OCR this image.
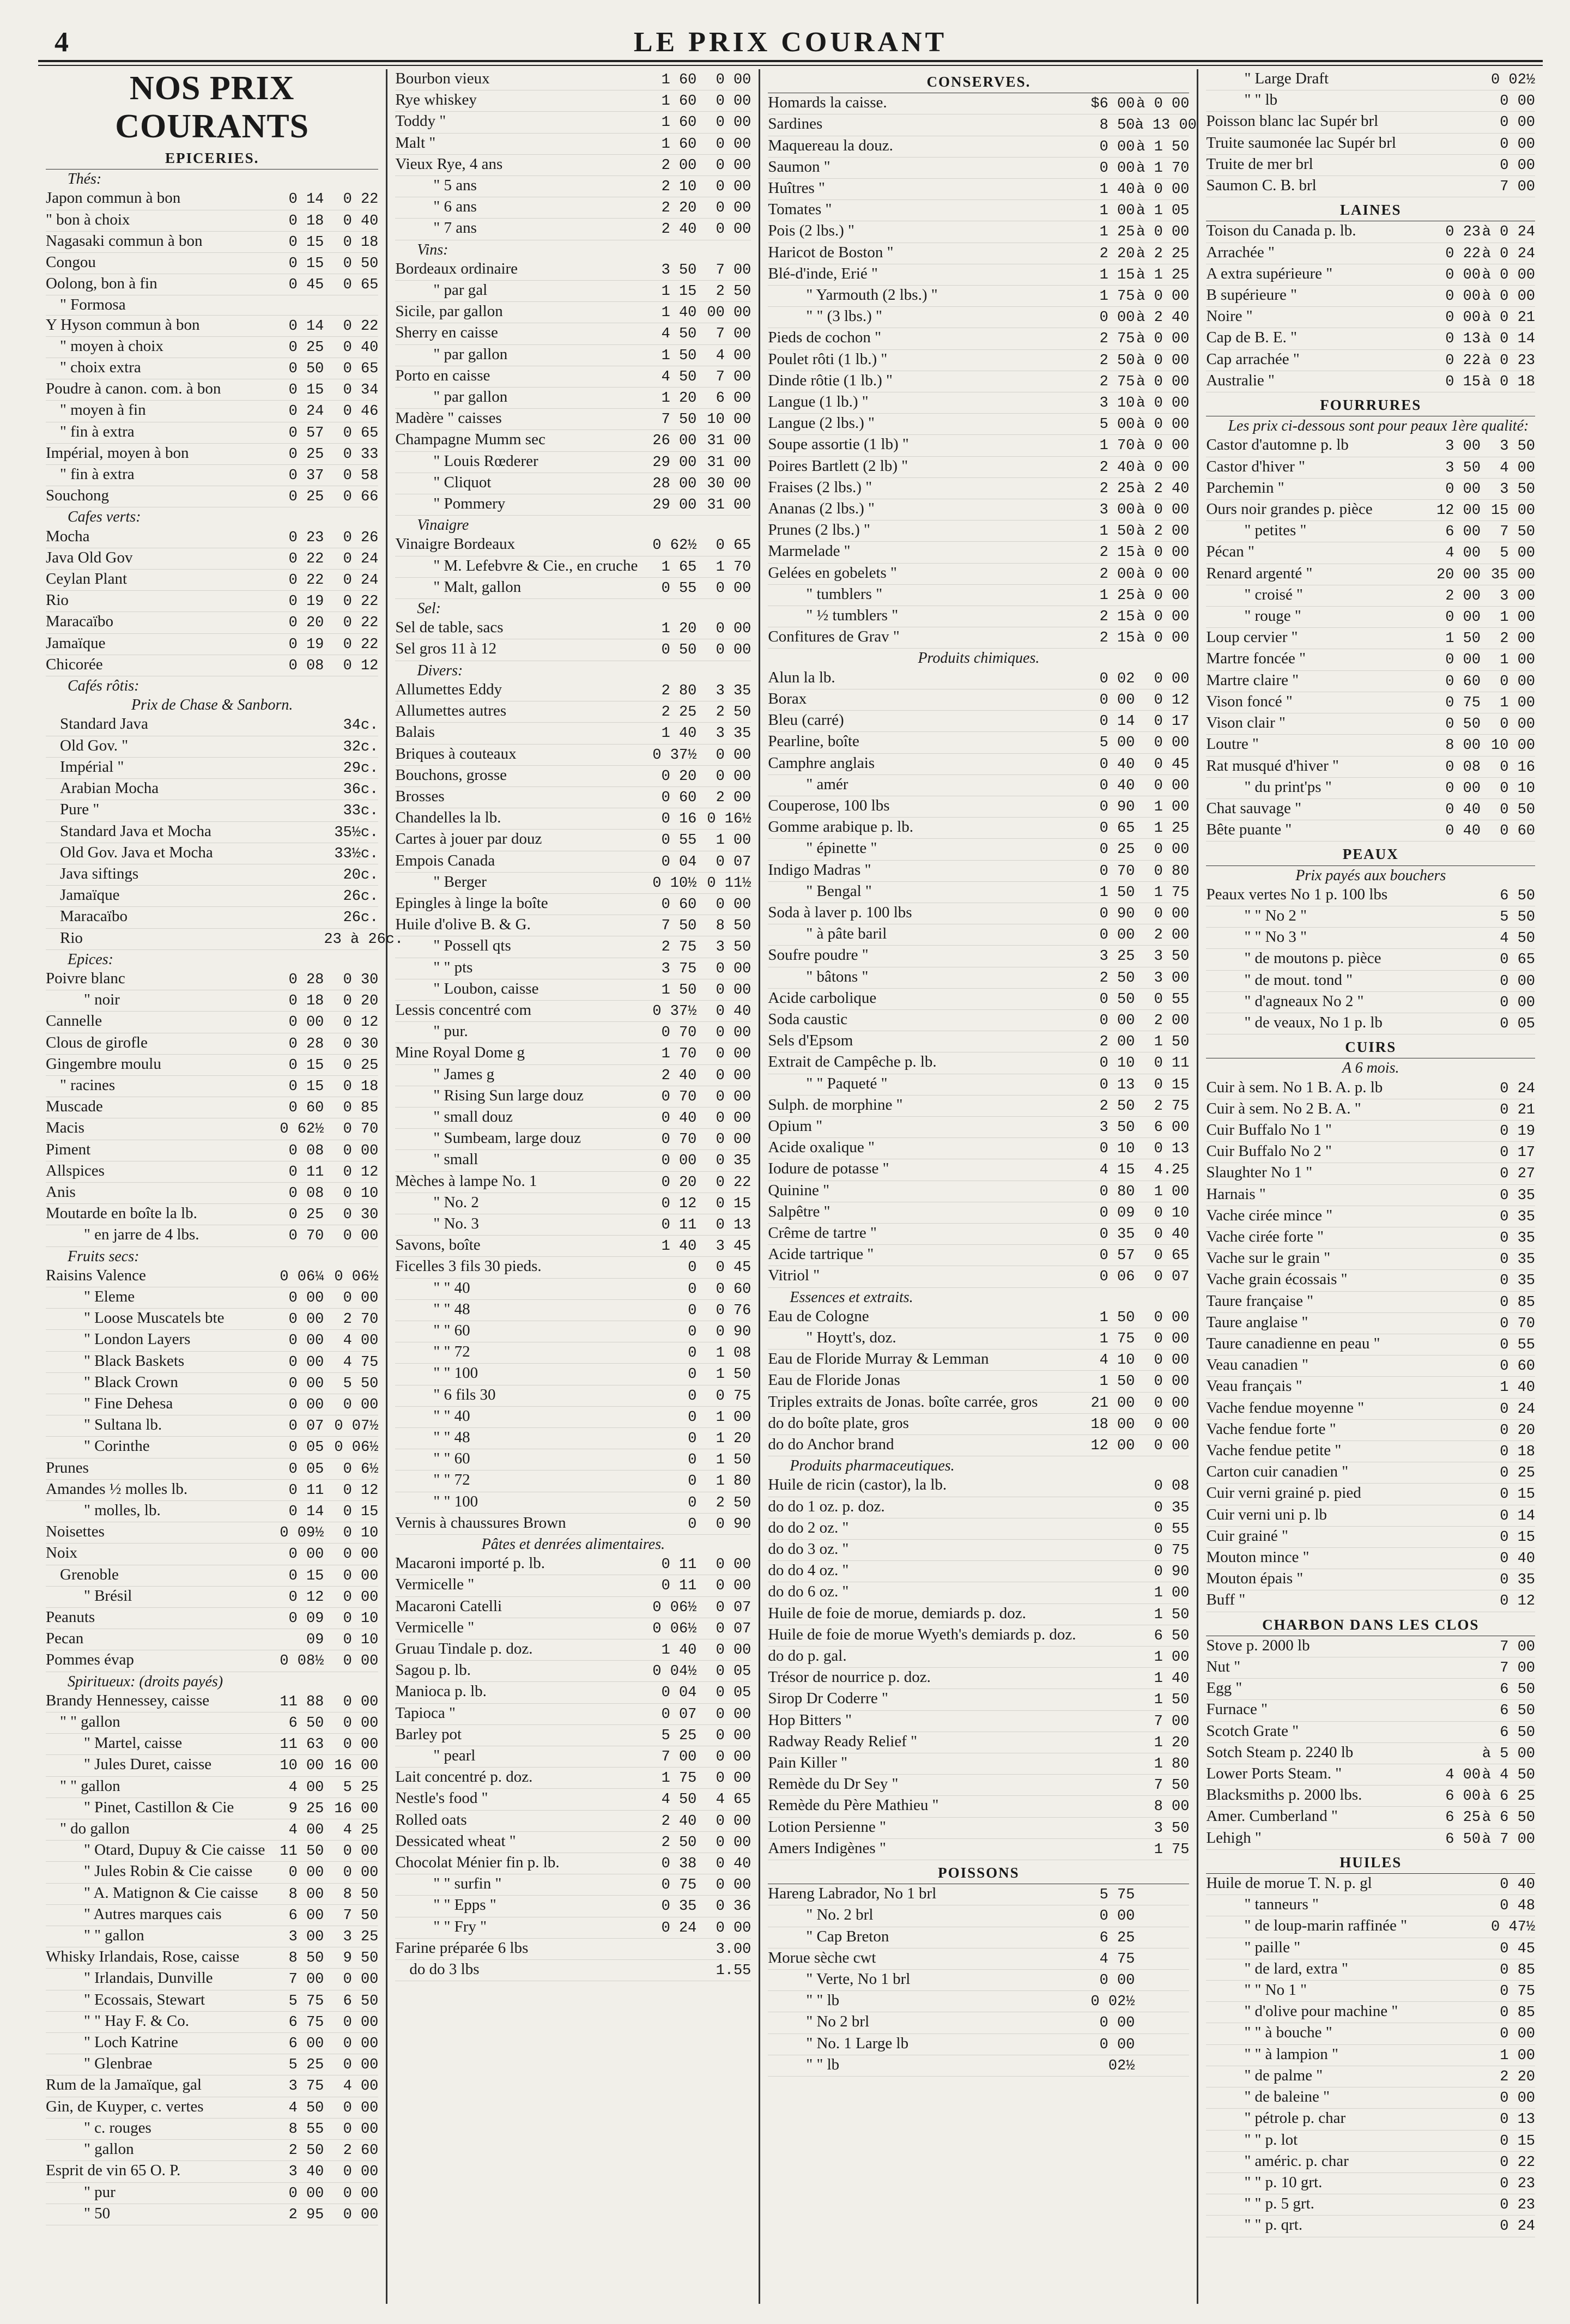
4	LE PRIX COURANT
NOS PRIX COURANTS
EPICERIES.
Thés:
Japon commun à bon	0 14	0 22
" bon à choix	0 18	0 40
Nagasaki commun à bon	0 15	0 18
Congou	0 15	0 50
Oolong, bon à fin	0 45	0 65
" Formosa
Y Hyson commun à bon	0 14	0 22
" moyen à choix	0 25	0 40
" choix extra	0 50	0 65
Poudre à canon. com. à bon	0 15	0 34
" moyen à fin	0 24	0 46
" fin à extra	0 57	0 65
Impérial, moyen à bon	0 25	0 33
" fin à extra	0 37	0 58
Souchong	0 25	0 66
Cafes verts:
Mocha	0 23	0 26
Java Old Gov	0 22	0 24
Ceylan Plant	0 22	0 24
Rio	0 19	0 22
Maracaïbo	0 20	0 22
Jamaïque	0 19	0 22
Chicorée	0 08	0 12
Cafés rôtis:
Prix de Chase & Sanborn.
Standard Java	34c.
Old Gov. "	32c.
Impérial "	29c.
Arabian Mocha	36c.
Pure "	33c.
Standard Java et Mocha	35½c.
Old Gov. Java et Mocha	33½c.
Java siftings	20c.
Jamaïque	26c.
Maracaïbo	26c.
Rio	23 à 26c.
Epices:
Poivre blanc	0 28	0 30
" noir	0 18	0 20
Cannelle	0 00	0 12
Clous de girofle	0 28	0 30
Gingembre moulu	0 15	0 25
" racines	0 15	0 18
Muscade	0 60	0 85
Macis	0 62½	0 70
Piment	0 08	0 00
Allspices	0 11	0 12
Anis	0 08	0 10
Moutarde en boîte la lb.	0 25	0 30
" en jarre de 4 lbs.	0 70	0 00
Fruits secs:
Raisins Valence	0 06¼ 0 06½
" Eleme	0 00	0 00
" Loose Muscatels bte	0 00	2 70
" London Layers	0 00	4 00
" Black Baskets	0 00	4 75
" Black Crown	0 00	5 50
" Fine Dehesa	0 00	0 00
" Sultana lb.	0 07 0 07½
" Corinthe	0 05 0 06½
Prunes	0 05	0 6½
Amandes ½ molles lb.	0 11	0 12
" molles, lb.	0 14	0 15
Noisettes	0 09½	0 10
Noix	0 00	0 00
Grenoble	0 15	0 00
" Brésil	0 12	0 00
Peanuts	0 09	0 10
Pecan	09	0 10
Pommes évap	0 08½	0 00
Spiritueux: (droits payés)
Brandy Hennessey, caisse	11 88	0 00
" " gallon	6 50	0 00
" Martel, caisse	11 63	0 00
" Jules Duret, caisse	10 00 16 00
" " gallon	4 00	5 25
" Pinet, Castillon & Cie	9 25 16 00
" do gallon	4 00	4 25
" Otard, Dupuy & Cie caisse 11 50	0 00
" Jules Robin & Cie caisse	0 00	0 00
" A. Matignon & Cie caisse	8 00	8 50
" Autres marques cais	6 00	7 50
" " gallon	3 00	3 25
Whisky Irlandais, Rose, caisse	8 50	9 50
" Irlandais, Dunville	7 00	0 00
" Ecossais, Stewart	5 75	6 50
" " Hay F. & Co.	6 75	0 00
" Loch Katrine	6 00	0 00
" Glenbrae	5 25	0 00
Rum de la Jamaïque, gal	3 75	4 00
Gin, de Kuyper, c. vertes	4 50	0 00
" c. rouges	8 55	0 00
" gallon	2 50	2 60
Esprit de vin 65 O. P.	3 40	0 00
" pur	0 00	0 00
" 50	2 95	0 00
Bourbon vieux	1 60	0 00
Rye whiskey	1 60	0 00
Toddy "	1 60	0 00
Malt "	1 60	0 00
Vieux Rye, 4 ans	2 00	0 00
" 5 ans	2 10	0 00
" 6 ans	2 20	0 00
" 7 ans	2 40	0 00
Vins:
Bordeaux ordinaire	3 50	7 00
" par gal	1 15	2 50
Sicile, par gallon	1 40 00 00
Sherry en caisse	4 50	7 00
" par gallon	1 50	4 00
Porto en caisse	4 50	7 00
" par gallon	1 20	6 00
Madère " caisses	7 50 10 00
Champagne Mumm sec	26 00 31 00
" Louis Rœderer	29 00 31 00
" Cliquot	28 00 30 00
" Pommery	29 00 31 00
Vinaigre
Vinaigre Bordeaux	0 62½	0 65
" M. Lefebvre & Cie., en cruche	1 65	1 70
" Malt, gallon	0 55	0 00
Sel:
Sel de table, sacs	1 20	0 00
Sel gros 11 à 12	0 50	0 00
Divers:
Allumettes Eddy	2 80	3 35
Allumettes autres	2 25	2 50
Balais	1 40	3 35
Briques à couteaux	0 37½	0 00
Bouchons, grosse	0 20	0 00
Brosses	0 60	2 00
Chandelles la lb.	0 16 0 16½
Cartes à jouer par douz	0 55	1 00
Empois Canada	0 04	0 07
" Berger	0 10½ 0 11½
Epingles à linge la boîte	0 60	0 00
Huile d'olive B. & G.	7 50	8 50
" Possell qts	2 75	3 50
" " pts	3 75	0 00
" Loubon, caisse	1 50	0 00
Lessis concentré com	0 37½	0 40
" pur.	0 70	0 00
Mine Royal Dome g	1 70	0 00
" James g	2 40	0 00
" Rising Sun large douz	0 70	0 00
" small douz	0 40	0 00
" Sumbeam, large douz	0 70	0 00
" small	0 00	0 35
Mèches à lampe No. 1	0 20	0 22
" No. 2	0 12	0 15
" No. 3	0 11	0 13
Savons, boîte	1 40	3 45
Ficelles 3 fils 30 pieds.	0	0 45
" " 40	0	0 60
" " 48	0	0 76
" " 60	0	0 90
" " 72	0	1 08
" " 100	0	1 50
" 6 fils 30	0	0 75
" " 40	0	1 00
" " 48	0	1 20
" " 60	0	1 50
" " 72	0	1 80
" " 100	0	2 50
Vernis à chaussures Brown	0	0 90
Pâtes et denrées alimentaires.
Macaroni importé p. lb.	0 11	0 00
Vermicelle "	0 11	0 00
Macaroni Catelli	0 06½	0 07
Vermicelle "	0 06½	0 07
Gruau Tindale p. doz.	1 40	0 00
Sagou p. lb.	0 04½	0 05
Manioca p. lb.	0 04	0 05
Tapioca "	0 07	0 00
Barley pot	5 25	0 00
" pearl	7 00	0 00
Lait concentré p. doz.	1 75	0 00
Nestle's food "	4 50	4 65
Rolled oats	2 40	0 00
Dessicated wheat "	2 50	0 00
Chocolat Ménier fin p. lb.	0 38	0 40
" " surfin "	0 75	0 00
" " Epps "	0 35	0 36
" " Fry "	0 24	0 00
Farine préparée 6 lbs	3.00
do do 3 lbs	1.55
CONSERVES.
Homards la caisse.	$6 00 à 0 00
Sardines	8 50 à 13 00
Maquereau la douz.	0 00 à 1 50
Saumon "	0 00 à 1 70
Huîtres "	1 40 à 0 00
Tomates "	1 00 à 1 05
Pois (2 lbs.) "	1 25 à 0 00
Haricot de Boston "	2 20 à 2 25
Blé-d'inde, Erié "	1 15 à 1 25
" Yarmouth (2 lbs.) "	1 75 à 0 00
" " (3 lbs.) "	0 00 à 2 40
Pieds de cochon "	2 75 à 0 00
Poulet rôti (1 lb.) "	2 50 à 0 00
Dinde rôtie (1 lb.) "	2 75 à 0 00
Langue (1 lb.) "	3 10 à 0 00
Langue (2 lbs.) "	5 00 à 0 00
Soupe assortie (1 lb) "	1 70 à 0 00
Poires Bartlett (2 lb) "	2 40 à 0 00
Fraises (2 lbs.) "	2 25 à 2 40
Ananas (2 lbs.) "	3 00 à 0 00
Prunes (2 lbs.) "	1 50 à 2 00
Marmelade "	2 15 à 0 00
Gelées en gobelets "	2 00 à 0 00
" tumblers "	1 25 à 0 00
" ½ tumblers "	2 15 à 0 00
Confitures de Grav "	2 15 à 0 00
Produits chimiques.
Alun la lb.	0 02	0 00
Borax	0 00	0 12
Bleu (carré)	0 14	0 17
Pearline, boîte	5 00	0 00
Camphre anglais	0 40	0 45
" amér	0 40	0 00
Couperose, 100 lbs	0 90	1 00
Gomme arabique p. lb.	0 65	1 25
" épinette "	0 25	0 00
Indigo Madras "	0 70	0 80
" Bengal "	1 50	1 75
Soda à laver p. 100 lbs	0 90	0 00
" à pâte baril	0 00	2 00
Soufre poudre "	3 25	3 50
" bâtons "	2 50	3 00
Acide carbolique	0 50	0 55
Soda caustic	0 00	2 00
Sels d'Epsom	2 00	1 50
Extrait de Campêche p. lb.	0 10	0 11
" " Paqueté "	0 13	0 15
Sulph. de morphine "	2 50	2 75
Opium "	3 50	6 00
Acide oxalique "	0 10	0 13
Iodure de potasse "	4 15	4.25
Quinine "	0 80	1 00
Salpêtre "	0 09	0 10
Crême de tartre "	0 35	0 40
Acide tartrique "	0 57	0 65
Vitriol "	0 06	0 07
Essences et extraits.
Eau de Cologne	1 50	0 00
" Hoytt's, doz.	1 75	0 00
Eau de Floride Murray & Lemman	4 10	0 00
Eau de Floride Jonas	1 50	0 00
Triples extraits de Jonas. boîte carrée, gros	21 00	0 00
do do boîte plate, gros	18 00	0 00
do do Anchor brand	12 00	0 00
Produits pharmaceutiques.
Huile de ricin (castor), la lb.	0 08
do do 1 oz. p. doz.	0 35
do do 2 oz. "	0 55
do do 3 oz. "	0 75
do do 4 oz. "	0 90
do do 6 oz. "	1 00
Huile de foie de morue, demiards p. doz.	1 50
Huile de foie de morue Wyeth's demiards p. doz.	6 50
do do p. gal.	1 00
Trésor de nourrice p. doz.	1 40
Sirop Dr Coderre "	1 50
Hop Bitters "	7 00
Radway Ready Relief "	1 20
Pain Killer "	1 80
Remède du Dr Sey "	7 50
Remède du Père Mathieu "	8 00
Lotion Persienne "	3 50
Amers Indigènes "	1 75
POISSONS
Hareng Labrador, No 1 brl	5 75
" No. 2 brl	0 00
" Cap Breton	6 25
Morue sèche cwt	4 75
" Verte, No 1 brl	0 00
" " lb	0 02½
" No 2 brl	0 00
" No. 1 Large lb	0 00
" " lb	02½
" Large Draft	0 02½
" " lb	0 00
Poisson blanc lac Supér brl	0 00
Truite saumonée lac Supér brl	0 00
Truite de mer brl	0 00
Saumon C. B. brl	7 00
LAINES
Toison du Canada p. lb.	0 23 à 0 24
Arrachée "	0 22 à 0 24
A extra supérieure "	0 00 à 0 00
B supérieure "	0 00 à 0 00
Noire "	0 00 à 0 21
Cap de B. E. "	0 13 à 0 14
Cap arrachée "	0 22 à 0 23
Australie "	0 15 à 0 18
FOURRURES
Les prix ci-dessous sont pour peaux 1ère qualité:
Castor d'automne p. lb	3 00	3 50
Castor d'hiver "	3 50	4 00
Parchemin "	0 00	3 50
Ours noir grandes p. pièce	12 00 15 00
" petites "	6 00	7 50
Pécan "	4 00	5 00
Renard argenté "	20 00 35 00
" croisé "	2 00	3 00
" rouge "	0 00	1 00
Loup cervier "	1 50	2 00
Martre foncée "	0 00	1 00
Martre claire "	0 60	0 00
Vison foncé "	0 75	1 00
Vison clair "	0 50	0 00
Loutre "	8 00 10 00
Rat musqué d'hiver "	0 08	0 16
" du print'ps "	0 00	0 10
Chat sauvage "	0 40	0 50
Bête puante "	0 40	0 60
PEAUX
Prix payés aux bouchers
Peaux vertes No 1 p. 100 lbs	6 50
" " No 2 "	5 50
" " No 3 "	4 50
" de moutons p. pièce	0 65
" de mout. tond "	0 00
" d'agneaux No 2 "	0 00
" de veaux, No 1 p. lb	0 05
CUIRS
A 6 mois.
Cuir à sem. No 1 B. A. p. lb	0 24
Cuir à sem. No 2 B. A. "	0 21
Cuir Buffalo No 1 "	0 19
Cuir Buffalo No 2 "	0 17
Slaughter No 1 "	0 27
Harnais "	0 35
Vache cirée mince "	0 35
Vache cirée forte "	0 35
Vache sur le grain "	0 35
Vache grain écossais "	0 35
Taure française "	0 85
Taure anglaise "	0 70
Taure canadienne en peau "	0 55
Veau canadien "	0 60
Veau français "	1 40
Vache fendue moyenne "	0 24
Vache fendue forte "	0 20
Vache fendue petite "	0 18
Carton cuir canadien "	0 25
Cuir verni grainé p. pied	0 15
Cuir verni uni p. lb	0 14
Cuir grainé "	0 15
Mouton mince "	0 40
Mouton épais "	0 35
Buff "	0 12
CHARBON DANS LES CLOS
Stove p. 2000 lb	7 00
Nut "	7 00
Egg "	6 50
Furnace "	6 50
Scotch Grate "	6 50
Sotch Steam p. 2240 lb	à 5 00
Lower Ports Steam. "	4 00 à 4 50
Blacksmiths p. 2000 lbs.	6 00 à 6 25
Amer. Cumberland "	6 25 à 6 50
Lehigh "	6 50 à 7 00
HUILES
Huile de morue T. N. p. gl	0 40
" tanneurs "	0 48
" de loup-marin raffinée "	0 47½
" paille "	0 45
" de lard, extra "	0 85
" " No 1 "	0 75
" d'olive pour machine "	0 85
" " à bouche "	0 00
" " à lampion "	1 00
" de palme "	2 20
" de baleine "	0 00
" pétrole p. char	0 13
" " p. lot	0 15
" améric. p. char	0 22
" " p. 10 grt.	0 23
" " p. 5 grt.	0 23
" " p. qrt.	0 24
